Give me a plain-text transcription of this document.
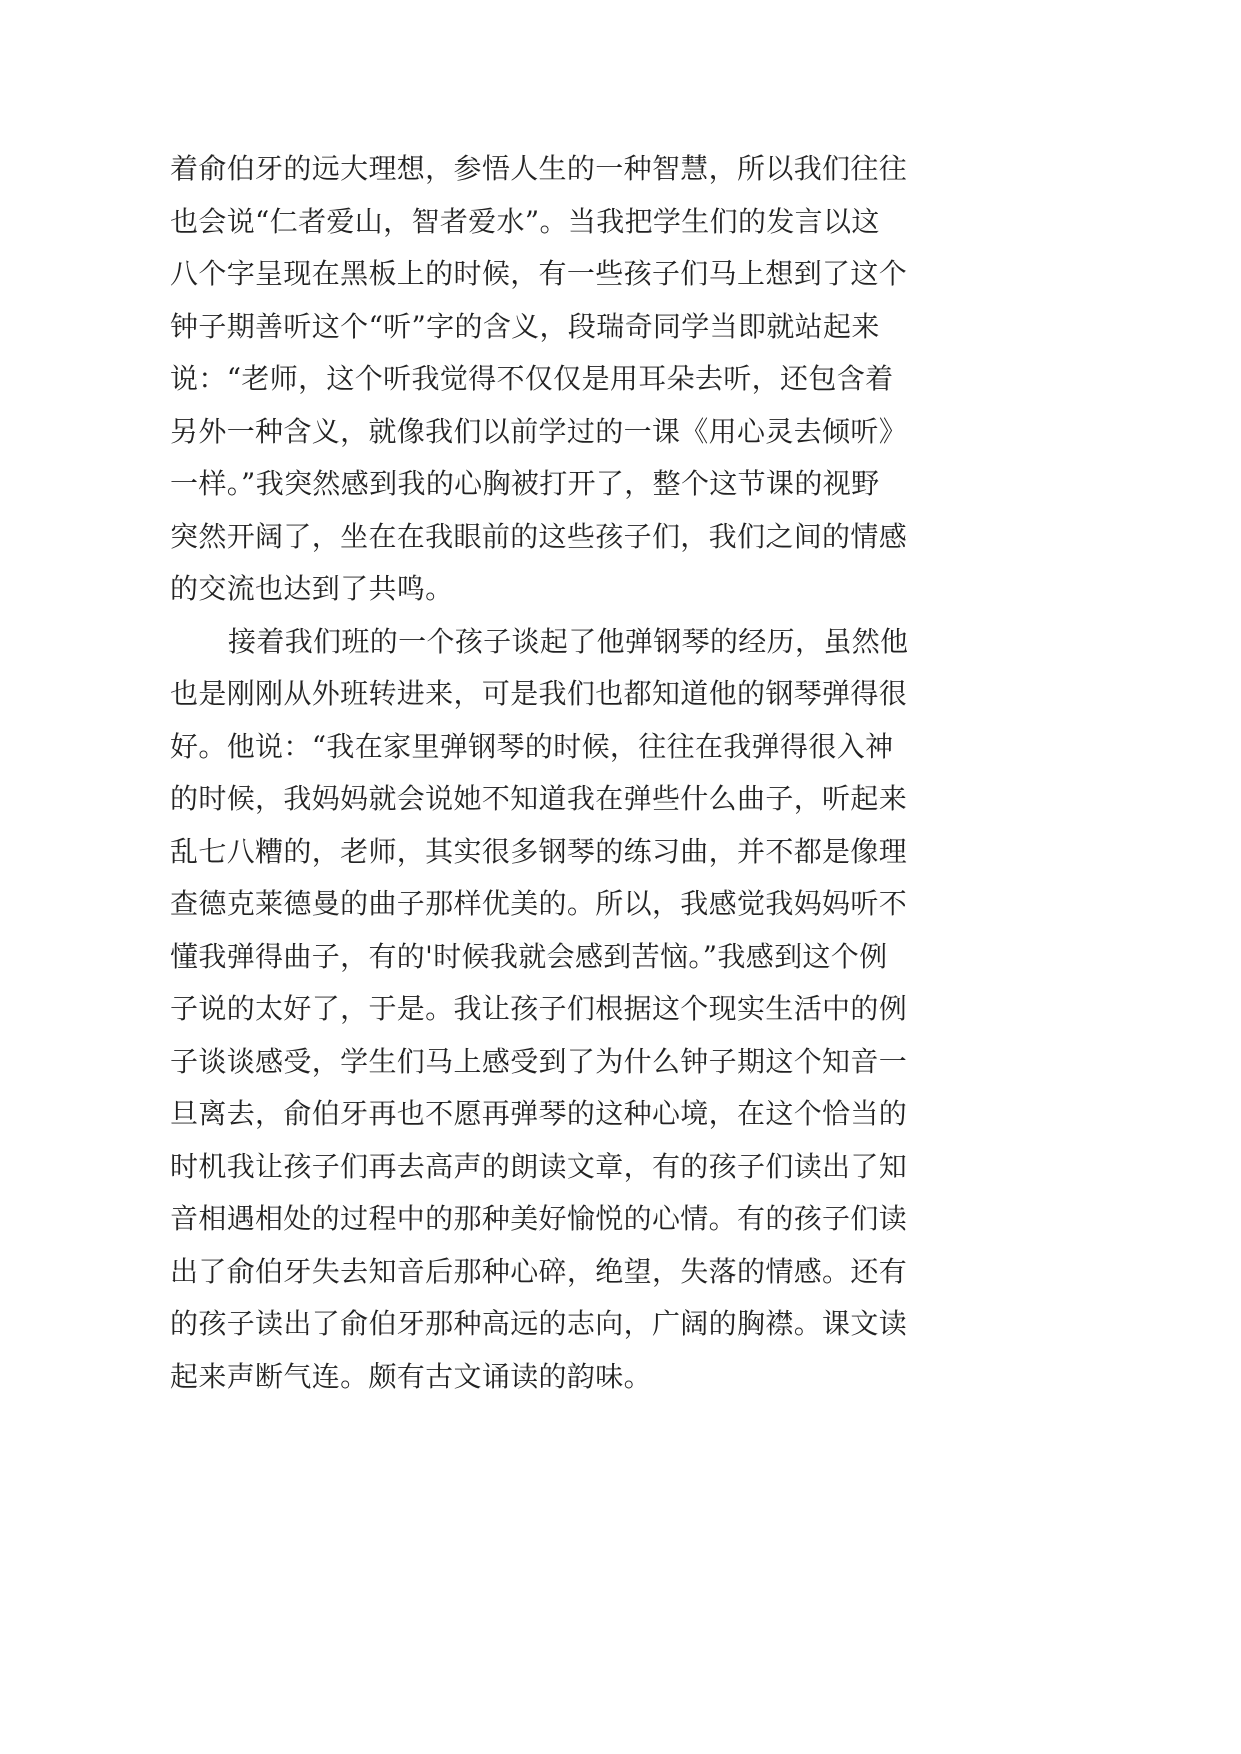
着俞伯牙的远大理想，参悟人生的一种智慧，所以我们往往
也会说“仁者爱山，智者爱水”。当我把学生们的发言以这
八个字呈现在黑板上的时候，有一些孩子们马上想到了这个
钟子期善听这个“听”字的含义，段瑞奇同学当即就站起来
说：“老师，这个听我觉得不仅仅是用耳朵去听，还包含着
另外一种含义，就像我们以前学过的一课《用心灵去倾听》
一样。”我突然感到我的心胸被打开了，整个这节课的视野
突然开阔了，坐在在我眼前的这些孩子们，我们之间的情感
的交流也达到了共鸣。
接着我们班的一个孩子谈起了他弹钢琴的经历，虽然他
也是刚刚从外班转进来，可是我们也都知道他的钢琴弹得很
好。他说：“我在家里弹钢琴的时候，往往在我弹得很入神
的时候，我妈妈就会说她不知道我在弹些什么曲子，听起来
乱七八糟的，老师，其实很多钢琴的练习曲，并不都是像理
查德克莱德曼的曲子那样优美的。所以，我感觉我妈妈听不
懂我弹得曲子，有的'时候我就会感到苦恼。”我感到这个例
子说的太好了，于是。我让孩子们根据这个现实生活中的例
子谈谈感受，学生们马上感受到了为什么钟子期这个知音一
旦离去，俞伯牙再也不愿再弹琴的这种心境，在这个恰当的
时机我让孩子们再去高声的朗读文章，有的孩子们读出了知
音相遇相处的过程中的那种美好愉悦的心情。有的孩子们读
出了俞伯牙失去知音后那种心碎，绝望，失落的情感。还有
的孩子读出了俞伯牙那种高远的志向，广阔的胸襟。课文读
起来声断气连。颇有古文诵读的韵味。
